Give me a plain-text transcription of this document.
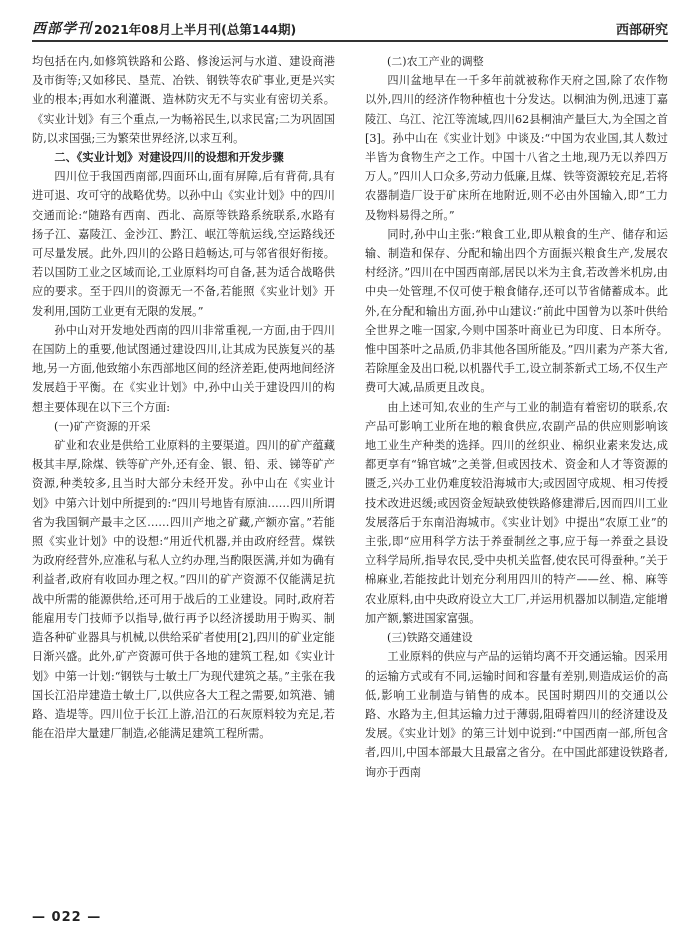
西部学刊 2021年08月上半月刊(总第144期)	西部研究

均包括在内,如修筑铁路和公路、修浚运河与水道、建设商港及市街等;又如移民、垦荒、冶铁、钢铁等农矿事业,更是兴实业的根本;再如水利灌溉、造林防灾无不与实业有密切关系。《实业计划》有三个重点,一为畅裕民生,以求民富;二为巩固国防,以求国强;三为繁荣世界经济,以求互利。

二、《实业计划》对建设四川的设想和开发步骤

四川位于我国西南部,四面环山,面有屏障,后有背荷,具有进可退、攻可守的战略优势。以孙中山《实业计划》中的四川交通而论:“随路有西南、西北、高原等铁路系统联系,水路有扬子江、嘉陵江、金沙江、黔江、岷江等航运线,空运路线还可尽量发展。此外,四川的公路日趋畅达,可与邻省很好衔接。若以国防工业之区域而论,工业原料均可自备,甚为适合战略供应的要求。至于四川的资源无一不备,若能照《实业计划》开发利用,国防工业更有无限的发展。”

孙中山对开发地处西南的四川非常重视,一方面,由于四川在国防上的重要,他试图通过建设四川,让其成为民族复兴的基地,另一方面,他致缩小东西部地区间的经济差距,使两地间经济发展趋于平衡。在《实业计划》中,孙中山关于建设四川的构想主要体现在以下三个方面:

(一)矿产资源的开采

矿业和农业是供给工业原料的主要渠道。四川的矿产蕴藏极其丰厚,除煤、铁等矿产外,还有金、银、铅、汞、锑等矿产资源,种类较多,且当时大部分未经开发。孙中山在《实业计划》中第六计划中所提到的:“四川号地皆有原油……四川所谓省为我国铜产最丰之区……四川产地之矿藏,产额亦富。”若能照《实业计划》中的设想:“用近代机器,并由政府经营。煤铁为政府经营外,应准私与私人立约办理,当酌限医满,并如为确有利益者,政府有收回办理之权。”四川的矿产资源不仅能满足抗战中所需的能源供给,还可用于战后的工业建设。同时,政府若能雇用专门技师予以指导,做行再予以经济援助用于购买、制造各种矿业器具与机械,以供给采矿者使用[2],四川的矿业定能日渐兴盛。此外,矿产资源可供于各地的建筑工程,如《实业计划》中第一计划:“钢铁与士敏土厂为现代建筑之基。”主张在我国长江沿岸建造士敏土厂,以供应各大工程之需要,如筑港、铺路、造堤等。四川位于长江上游,沿江的石灰原料较为充足,若能在沿岸大量建厂制造,必能满足建筑工程所需。

(二)农工产业的调整

四川盆地早在一千多年前就被称作天府之国,除了农作物以外,四川的经济作物种植也十分发达。以桐油为例,迅速丁嘉陵江、乌江、沱江等流域,四川62县桐油产量巨大,为全国之首[3]。孙中山在《实业计划》中谈及:“中国为农业国,其人数过半皆为食物生产之工作。中国十八省之土地,现乃无以养四万万人。”四川人口众多,劳动力低廉,且煤、铁等资源较充足,若将农器制造厂设于矿床所在地附近,则不必由外国输入,即“工力及物料易得之所。”

同时,孙中山主张:“粮食工业,即从粮食的生产、储存和运输、制造和保存、分配和输出四个方面振兴粮食生产,发展农村经济。”四川在中国西南部,居民以米为主食,若改善米机房,由中央一处管理,不仅可使于粮食储存,还可以节省储蓄成本。此外,在分配和输出方面,孙中山建议:“前此中国曾为以茶叶供给全世界之唯一国家,今则中国茶叶商业已为印度、日本所夺。惟中国茶叶之品质,仍非其他各国所能及。”四川素为产茶大省,若除厘金及出口税,以机器代手工,设立制茶新式工场,不仅生产费可大减,品质更且改良。

由上述可知,农业的生产与工业的制造有着密切的联系,农产品可影响工业所在地的粮食供应,农副产品的供应则影响该地工业生产种类的选择。四川的丝织业、棉织业素来发达,成都更享有“锦官城”之美誉,但或因技术、资金和人才等资源的匮乏,兴办工业仍难度较沿海城市大;或因固守成规、相习传授技术改进迟缓;或因资金短缺致使铁路修建滞后,因而四川工业发展落后于东南沿海城市。《实业计划》中提出“农原工业”的主张,即“应用科学方法于养蚕制丝之事,应于每一养蚕之县设立科学局所,指导农民,受中央机关监督,使农民可得蚕种。”关于棉麻业,若能按此计划充分利用四川的特产——丝、棉、麻等农业原料,由中央政府设立大工厂,并运用机器加以制造,定能增加产额,繁进国家富强。

(三)铁路交通建设

工业原料的供应与产品的运销均离不开交通运输。因采用的运输方式或有不同,运输时间和容量有差别,则造成运价的高低,影响工业制造与销售的成本。民国时期四川的交通以公路、水路为主,但其运输力过于薄弱,阻碍着四川的经济建设及发展。《实业计划》的第三计划中说到:“中国西南一部,所包含者,四川,中国本部最大且最富之省分。在中国此部建设铁路者,询亦于西南

— 022 —
